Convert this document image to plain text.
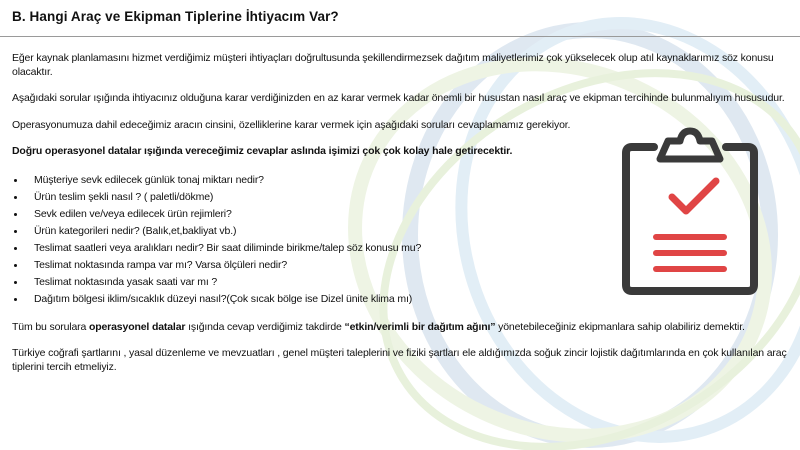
B. Hangi Araç ve Ekipman Tiplerine İhtiyacım Var?

Eğer kaynak planlamasını hizmet verdiğimiz müşteri ihtiyaçları doğrultusunda şekillendirmezsek dağıtım maliyetlerimiz çok yükselecek olup atıl kaynaklarımız söz konusu olacaktır.

Aşağıdaki sorular ışığında ihtiyacınız olduğuna karar verdiğinizden en az karar vermek kadar önemli bir husustan nasıl araç ve ekipman tercihinde bulunmalıyım hususudur.

Operasyonumuza dahil edeceğimiz aracın cinsini, özelliklerine karar vermek için aşağıdaki soruları cevaplamamız gerekiyor.

Doğru operasyonel datalar ışığında vereceğimiz cevaplar aslında işimizi çok çok kolay hale getirecektir.

Müşteriye sevk edilecek günlük tonaj miktarı nedir?
Ürün teslim şekli nasıl ? ( paletli/dökme)
Sevk edilen ve/veya edilecek ürün rejimleri?
Ürün kategorileri nedir? (Balık,et,bakliyat vb.)
Teslimat saatleri veya aralıkları nedir? Bir saat diliminde birikme/talep söz konusu mu?
Teslimat noktasında rampa var mı? Varsa ölçüleri nedir?
Teslimat noktasında yasak saati var mı ?
Dağıtım bölgesi iklim/sıcaklık düzeyi nasıl?(Çok sıcak bölge ise Dizel ünite klima mı)

Tüm bu sorulara operasyonel datalar ışığında cevap verdiğimiz takdirde “etkin/verimli bir dağıtım ağını” yönetebileceğiniz ekipmanlara sahip olabiliriz demektir.

Türkiye coğrafi şartlarını , yasal düzenleme ve mevzuatları , genel müşteri taleplerini ve fiziki şartları ele aldığımızda soğuk zincir lojistik dağıtımlarında en çok kullanılan araç tiplerini tercih etmeliyiz.
